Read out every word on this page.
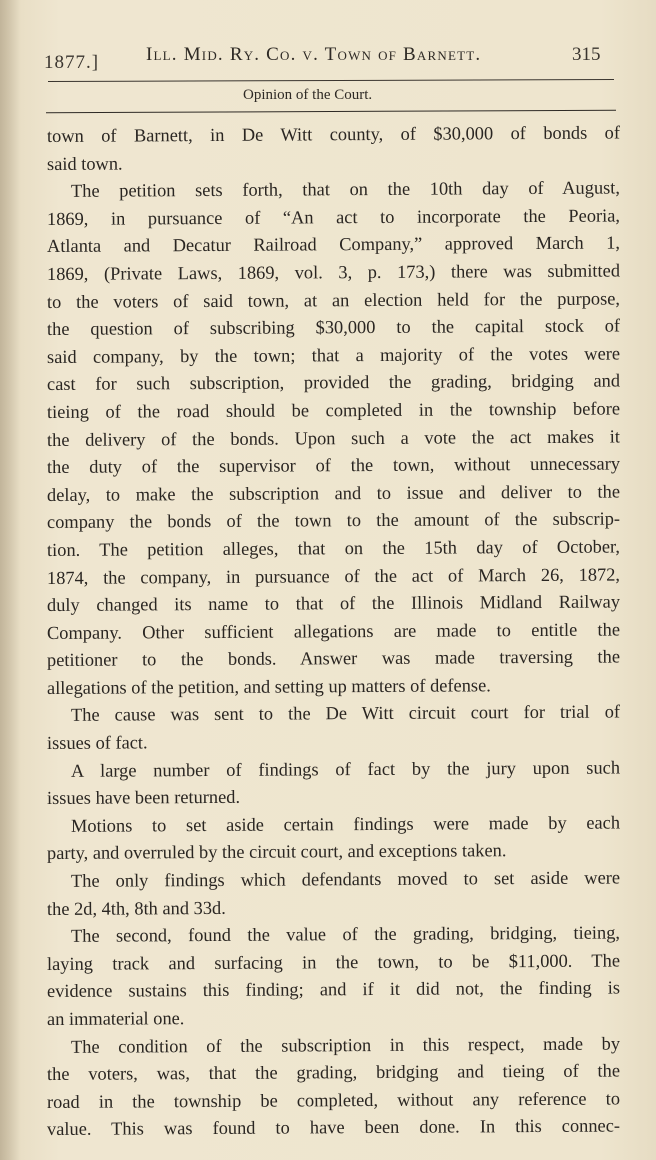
1877.] Ill. Mid. Ry. Co. v. Town of Barnett.	315
Opinion of the Court.
town of Barnett, in De Witt county, of $30,000 of bonds of
said town.
The petition sets forth, that on the 10th day of August,
1869, in pursuance of “An act to incorporate the Peoria,
Atlanta and Decatur Railroad Company,” approved March 1,
1869, (Private Laws, 1869, vol. 3, p. 173,) there was submitted
to the voters of said town, at an election held for the purpose,
the question of subscribing $30,000 to the capital stock of
said company, by the town; that a majority of the votes were
cast for such subscription, provided the grading, bridging and
tieing of the road should be completed in the township before
the delivery of the bonds. Upon such a vote the act makes it
the duty of the supervisor of the town, without unnecessary
delay, to make the subscription and to issue and deliver to the
company the bonds of the town to the amount of the subscrip-
tion. The petition alleges, that on the 15th day of October,
1874, the company, in pursuance of the act of March 26, 1872,
duly changed its name to that of the Illinois Midland Railway
Company. Other sufficient allegations are made to entitle the
petitioner to the bonds. Answer was made traversing the
allegations of the petition, and setting up matters of defense.
The cause was sent to the De Witt circuit court for trial of
issues of fact.
A large number of findings of fact by the jury upon such
issues have been returned.
Motions to set aside certain findings were made by each
party, and overruled by the circuit court, and exceptions taken.
The only findings which defendants moved to set aside were
the 2d, 4th, 8th and 33d.
The second, found the value of the grading, bridging, tieing,
laying track and surfacing in the town, to be $11,000. The
evidence sustains this finding; and if it did not, the finding is
an immaterial one.
The condition of the subscription in this respect, made by
the voters, was, that the grading, bridging and tieing of the
road in the township be completed, without any reference to
value. This was found to have been done. In this connec-
